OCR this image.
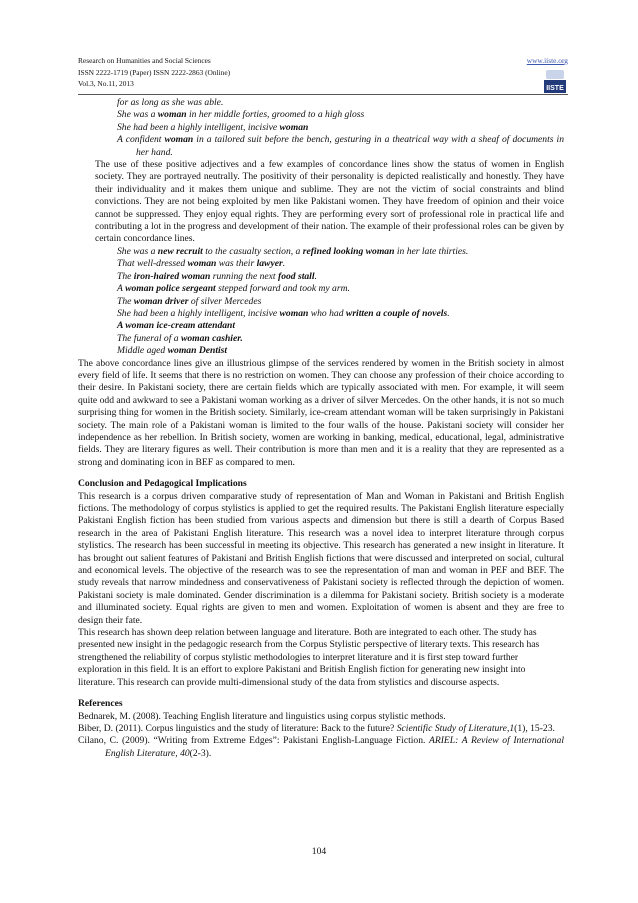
Research on Humanities and Social Sciences
ISSN 2222-1719 (Paper) ISSN 2222-2863 (Online)
Vol.3, No.11, 2013
www.iiste.org
IISTE
for as long as she was able.
She was a woman in her middle forties, groomed to a high gloss
She had been a highly intelligent, incisive woman
A confident woman in a tailored suit before the bench, gesturing in a theatrical way with a sheaf of documents in her hand.

The use of these positive adjectives and a few examples of concordance lines show the status of women in English society. They are portrayed neutrally. The positivity of their personality is depicted realistically and honestly. They have their individuality and it makes them unique and sublime. They are not the victim of social constraints and blind convictions. They are not being exploited by men like Pakistani women. They have freedom of opinion and their voice cannot be suppressed. They enjoy equal rights. They are performing every sort of professional role in practical life and contributing a lot in the progress and development of their nation. The example of their professional roles can be given by certain concordance lines.

She was a new recruit to the casualty section, a refined looking woman in her late thirties.
That well-dressed woman was their lawyer.
The iron-haired woman running the next food stall.
A woman police sergeant stepped forward and took my arm.
The woman driver of silver Mercedes
She had been a highly intelligent, incisive woman who had written a couple of novels.
A woman ice-cream attendant
The funeral of a woman cashier.
Middle aged woman Dentist

The above concordance lines give an illustrious glimpse of the services rendered by women in the British society in almost every field of life. It seems that there is no restriction on women. They can choose any profession of their choice according to their desire. In Pakistani society, there are certain fields which are typically associated with men. For example, it will seem quite odd and awkward to see a Pakistani woman working as a driver of silver Mercedes. On the other hands, it is not so much surprising thing for women in the British society. Similarly, ice-cream attendant woman will be taken surprisingly in Pakistani society. The main role of a Pakistani woman is limited to the four walls of the house. Pakistani society will consider her independence as her rebellion. In British society, women are working in banking, medical, educational, legal, administrative fields. They are literary figures as well. Their contribution is more than men and it is a reality that they are represented as a strong and dominating icon in BEF as compared to men.

Conclusion and Pedagogical Implications

This research is a corpus driven comparative study of representation of Man and Woman in Pakistani and British English fictions. The methodology of corpus stylistics is applied to get the required results. The Pakistani English literature especially Pakistani English fiction has been studied from various aspects and dimension but there is still a dearth of Corpus Based research in the area of Pakistani English literature. This research was a novel idea to interpret literature through corpus stylistics. The research has been successful in meeting its objective. This research has generated a new insight in literature. It has brought out salient features of Pakistani and British English fictions that were discussed and interpreted on social, cultural and economical levels. The objective of the research was to see the representation of man and woman in PEF and BEF. The study reveals that narrow mindedness and conservativeness of Pakistani society is reflected through the depiction of women. Pakistani society is male dominated. Gender discrimination is a dilemma for Pakistani society. British society is a moderate and illuminated society. Equal rights are given to men and women. Exploitation of women is absent and they are free to design their fate.

This research has shown deep relation between language and literature. Both are integrated to each other. The study has presented new insight in the pedagogic research from the Corpus Stylistic perspective of literary texts. This research has strengthened the reliability of corpus stylistic methodologies to interpret literature and it is first step toward further exploration in this field. It is an effort to explore Pakistani and British English fiction for generating new insight into literature. This research can provide multi-dimensional study of the data from stylistics and discourse aspects.

References
Bednarek, M. (2008). Teaching English literature and linguistics using corpus stylistic methods.
Biber, D. (2011). Corpus linguistics and the study of literature: Back to the future? Scientific Study of Literature,1(1), 15-23.
Cilano, C. (2009). “Writing from Extreme Edges”: Pakistani English-Language Fiction. ARIEL: A Review of International English Literature, 40(2-3).
104
